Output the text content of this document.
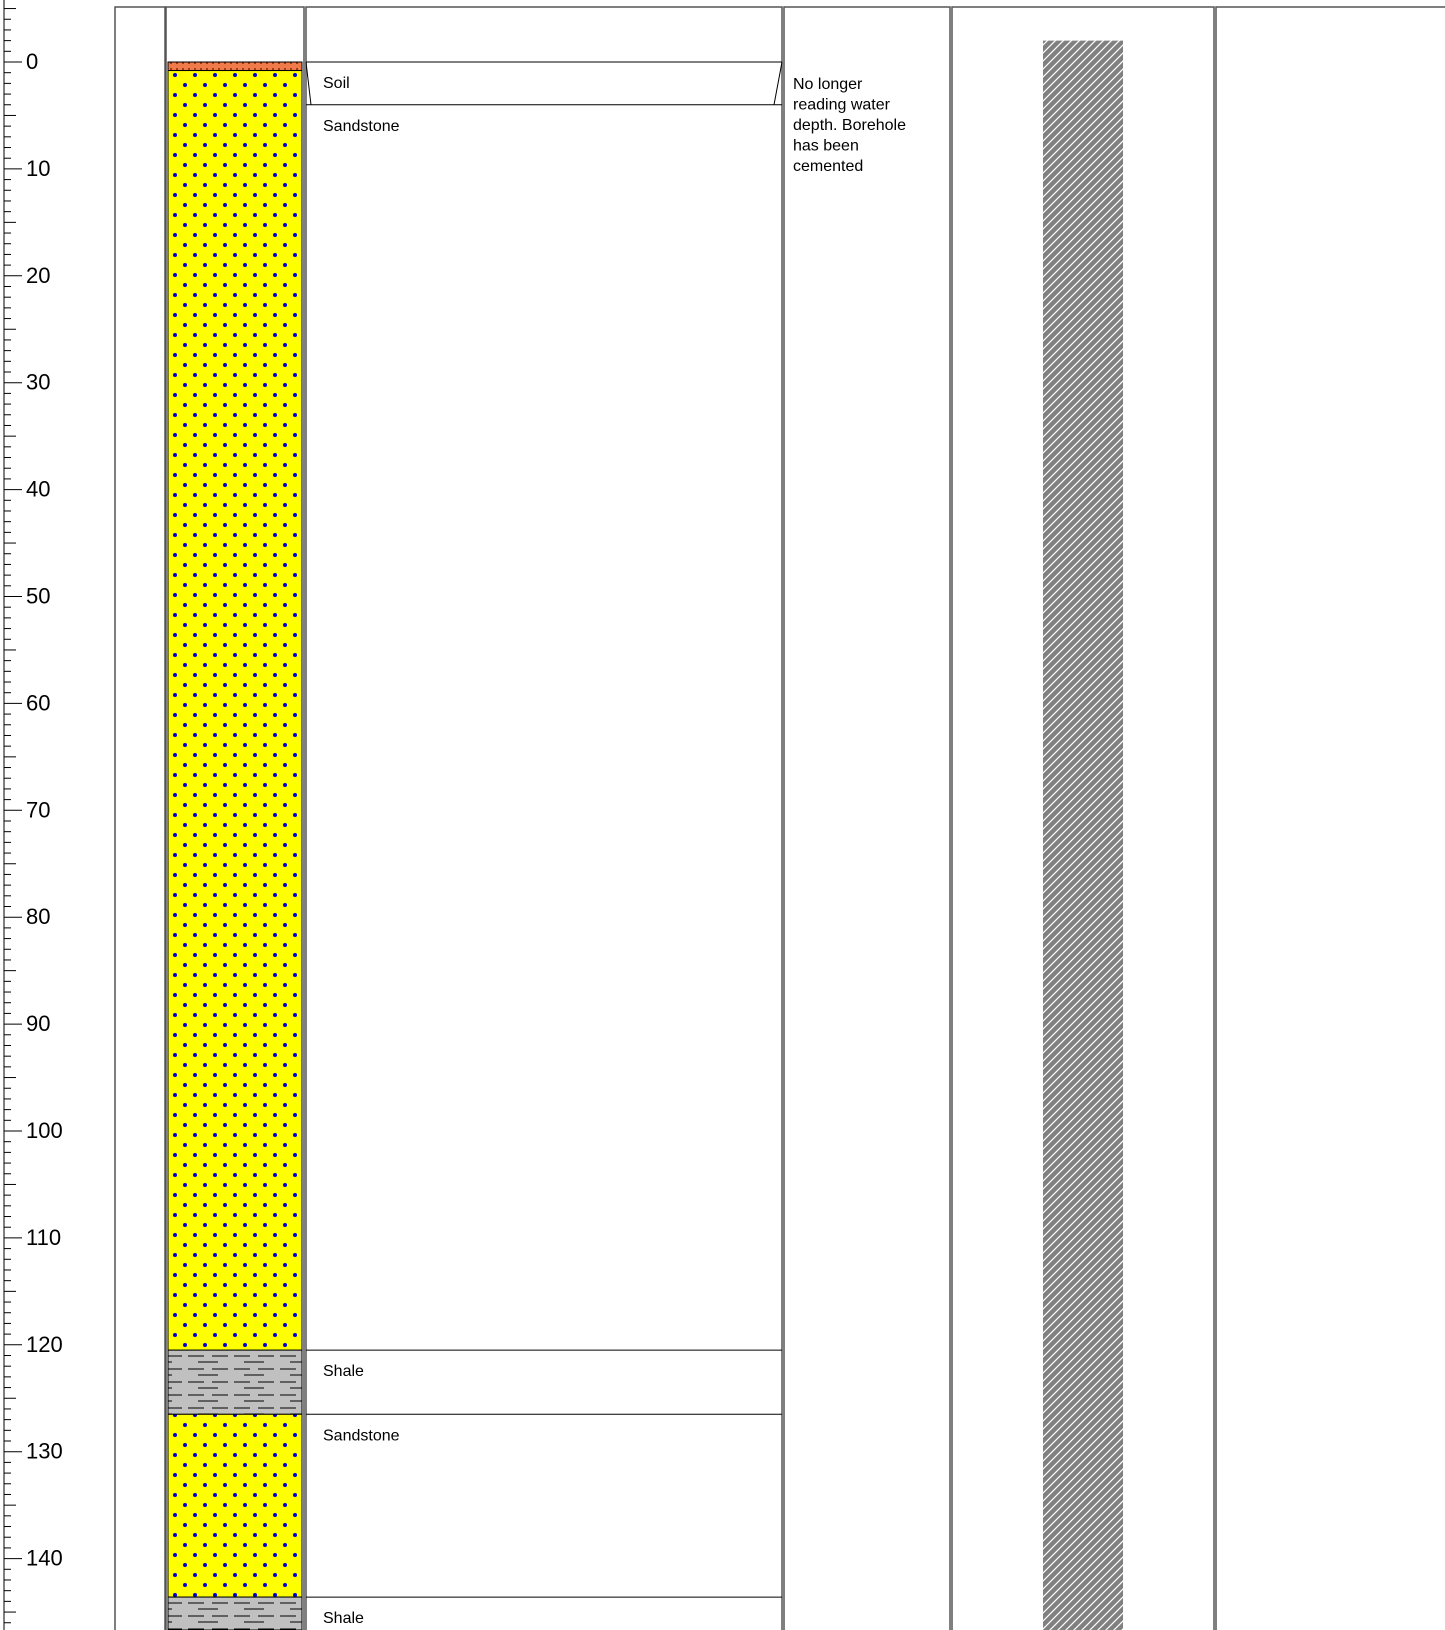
0
10
20
30
40
50
60
70
80
90
100
110
120
130
140
Soil
Sandstone
Shale
Sandstone
Shale
No longer reading water depth. Borehole has been cemented
